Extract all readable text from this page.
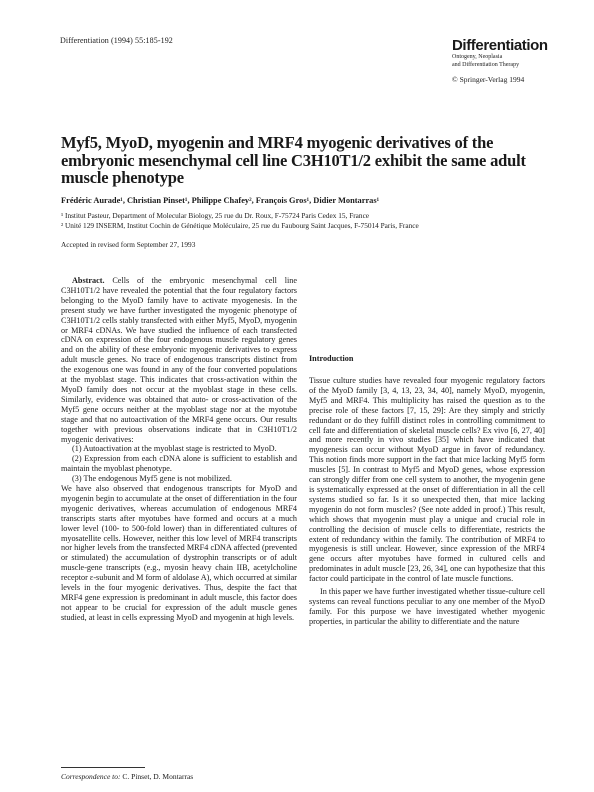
Differentiation (1994) 55:185-192	Differentiation
Ontogeny, Neoplasia
and Differentiation Therapy
© Springer-Verlag 1994
Myf5, MyoD, myogenin and MRF4 myogenic derivatives of the embryonic mesenchymal cell line C3H10T1/2 exhibit the same adult muscle phenotype
Frédéric Aurade¹, Christian Pinset¹, Philippe Chafey², François Gros¹, Didier Montarras¹
¹ Institut Pasteur, Department of Molecular Biology, 25 rue du Dr. Roux, F-75724 Paris Cedex 15, France
² Unité 129 INSERM, Institut Cochin de Génétique Moléculaire, 25 rue du Faubourg Saint Jacques, F-75014 Paris, France
Accepted in revised form September 27, 1993

Abstract. Cells of the embryonic mesenchymal cell line C3H10T1/2 have revealed the potential that the four regulatory factors belonging to the MyoD family have to activate myogenesis. In the present study we have further investigated the myogenic phenotype of C3H10T1/2 cells stably transfected with either Myf5, MyoD, myogenin or MRF4 cDNAs. We have studied the influence of each transfected cDNA on expression of the four endogenous muscle regulatory genes and on the ability of these embryonic myogenic derivatives to express adult muscle genes. No trace of endogenous transcripts distinct from the exogenous one was found in any of the four converted populations at the myoblast stage. This indicates that cross-activation within the MyoD family does not occur at the myoblast stage in these cells. Similarly, evidence was obtained that auto- or cross-activation of the Myf5 gene occurs neither at the myoblast stage nor at the myotube stage and that no autoactivation of the MRF4 gene occurs. Our results together with previous observations indicate that in C3H10T1/2 myogenic derivatives:

(1) Autoactivation at the myoblast stage is restricted to MyoD.

(2) Expression from each cDNA alone is sufficient to establish and maintain the myoblast phenotype.

(3) The endogenous Myf5 gene is not mobilized.

We have also observed that endogenous transcripts for MyoD and myogenin begin to accumulate at the onset of differentiation in the four myogenic derivatives, whereas accumulation of endogenous MRF4 transcripts starts after myotubes have formed and occurs at a much lower level (100- to 500-fold lower) than in differentiated cultures of myosatellite cells. However, neither this low level of MRF4 transcripts nor higher levels from the transfected MRF4 cDNA affected (prevented or stimulated) the accumulation of dystrophin transcripts or of adult muscle-gene transcripts (e.g., myosin heavy chain IIB, acetylcholine receptor ε-subunit and M form of aldolase A), which occurred at similar levels in the four myogenic derivatives. Thus, despite the fact that MRF4 gene expression is predominant in adult muscle, this factor does not appear to be crucial for expression of the adult muscle genes studied, at least in cells expressing MyoD and myogenin at high levels.

Introduction

Tissue culture studies have revealed four myogenic regulatory factors of the MyoD family [3, 4, 13, 23, 34, 40], namely MyoD, myogenin, Myf5 and MRF4. This multiplicity has raised the question as to the precise role of these factors [7, 15, 29]: Are they simply and strictly redundant or do they fulfill distinct roles in controlling commitment to cell fate and differentiation of skeletal muscle cells? Ex vivo [6, 27, 40] and more recently in vivo studies [35] which have indicated that myogenesis can occur without MyoD argue in favor of redundancy. This notion finds more support in the fact that mice lacking Myf5 form muscles [5]. In contrast to Myf5 and MyoD genes, whose expression can strongly differ from one cell system to another, the myogenin gene is systematically expressed at the onset of differentiation in all the cell systems studied so far. Is it so unexpected then, that mice lacking myogenin do not form muscles? (See note added in proof.) This result, which shows that myogenin must play a unique and crucial role in controlling the decision of muscle cells to differentiate, restricts the extent of redundancy within the family. The contribution of MRF4 to myogenesis is still unclear. However, since expression of the MRF4 gene occurs after myotubes have formed in cultured cells and predominates in adult muscle [23, 26, 34], one can hypothesize that this factor could participate in the control of late muscle functions.

In this paper we have further investigated whether tissue-culture cell systems can reveal functions peculiar to any one member of the MyoD family. For this purpose we have investigated whether myogenic properties, in particular the ability to differentiate and the nature

Correspondence to: C. Pinset, D. Montarras
